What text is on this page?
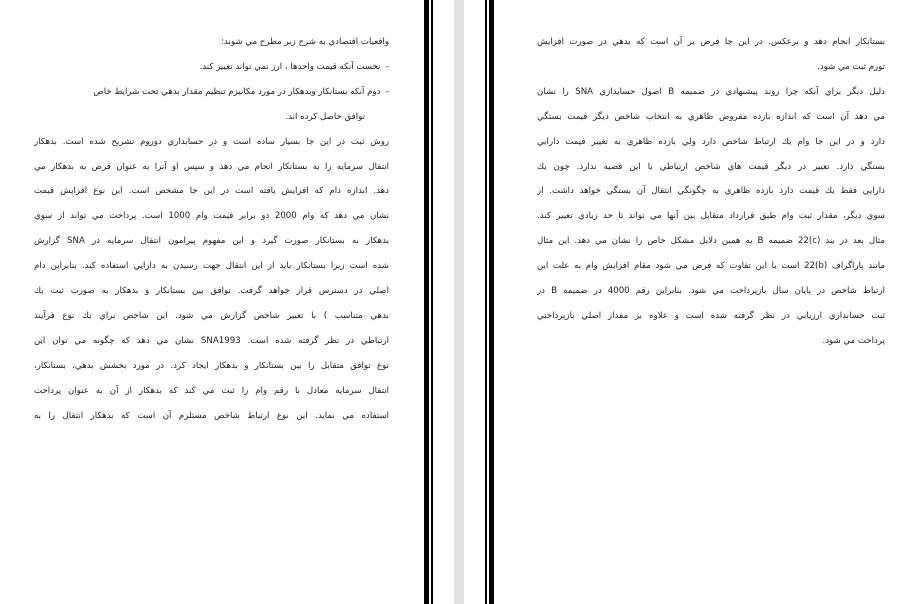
واقعيات اقتصادي به شرح زير مطرح مي شوند:
-  نخست آنكه قيمت واحدها ، ارز نمي تواند تغيير كند.
-  دوم آنكه بستانكار وبدهكار در مورد مكانيزم تنظيم مقدار بدهي تحت شرايط خاص
توافق حاصل كرده اند.
روش ثبت در اين جا بسيار ساده است و در حسابداري دوروم تشريح شده است. بدهكار
انتقال سرمايه را به بستانكار انجام مي دهد و سپس او آنرا به عنوان قرض به بدهكار مي
دهد. اندازه دام كه افزايش يافته است در اين جا مشخص است. اين نوع افزايش قيمت
نشان مي دهد كه وام 2000 دو برابر قيمت وام 1000 است. پرداخت مي تواند از سوي
بدهكار به بستانكار صورت گيرد و اين مفهوم پيرامون انتقال سرمايه در SNA گزارش
شده است زيرا بستانكار بايد از اين انتقال جهت رسيدن به دارايي استفاده كند. بنابراين دام
اصلي در دسترس قرار خواهد گرفت. توافق بين بستانكار و بدهكار به صورت ثبت يك
بدهي متناسب ) با تغيير شاخص گزارش مي شود. اين شاخص براي يك نوع فرآيند
ارتباطي در نظر گرفته شده است. SNA1993 نشان مي دهد كه چگونه مي توان اين
نوع توافق متقابل را بين بستانكار و بدهكار ايجاد كرد. در مورد بخشش بدهي، بستانكار،
انتقال سرمايه معادل با رقم وام را ثبت مي كند كه بدهكار از آن به عنوان پرداخت
استفاده مي نمايد. اين نوع ارتباط شاخص مستلزم آن است كه بدهكار انتقال را به
بستانكار انجام دهد و برعكس. در اين جا فرض بر آن است كه بدهي در صورت افزايش
تورم ثبت مي شود.
دليل ديگر براي آنكه چرا روند پيشنهادي در ضميمه B اصول حسابداري SNA را نشان
مي دهد آن است كه اندازه بازده مفروض ظاهري به انتخاب شاخص ديگر قيمت بستگي
دارد و در اين جا وام يك ارتباط شاخص دارد ولي بازده ظاهري به تغيير قيمت دارايي
بستگي دارد. تغيير در ديگر قيمت هاي شاخص ارتباطي با اين قضيه ندارد. چون يك
دارايي فقط يك قيمت دارد بازده ظاهري به چگونگي انتقال آن بستگي خواهد داشت. از
سوي ديگر، مقدار ثبت وام طبق قرارداد متقابل بين آنها مي تواند تا حد زيادي تغيير كند.
مثال بعد در بند (c)22 ضميمه B به همين دلايل مشكل خاص را نشان مي دهد. اين مثال
مانند پاراگراف (b)22 است با اين تفاوت كه فرض مي شود مقام افزايش وام به علت اين
ارتباط شاخص در پايان سال بازپرداخت مي شود. بنابراين رقم 4000 در ضميمه B در
ثبت حسابداري ارزيابي در نظر گرفته شده است و علاوه بر مقدار اصلي بازپرداختي
پرداخت مي شود.
